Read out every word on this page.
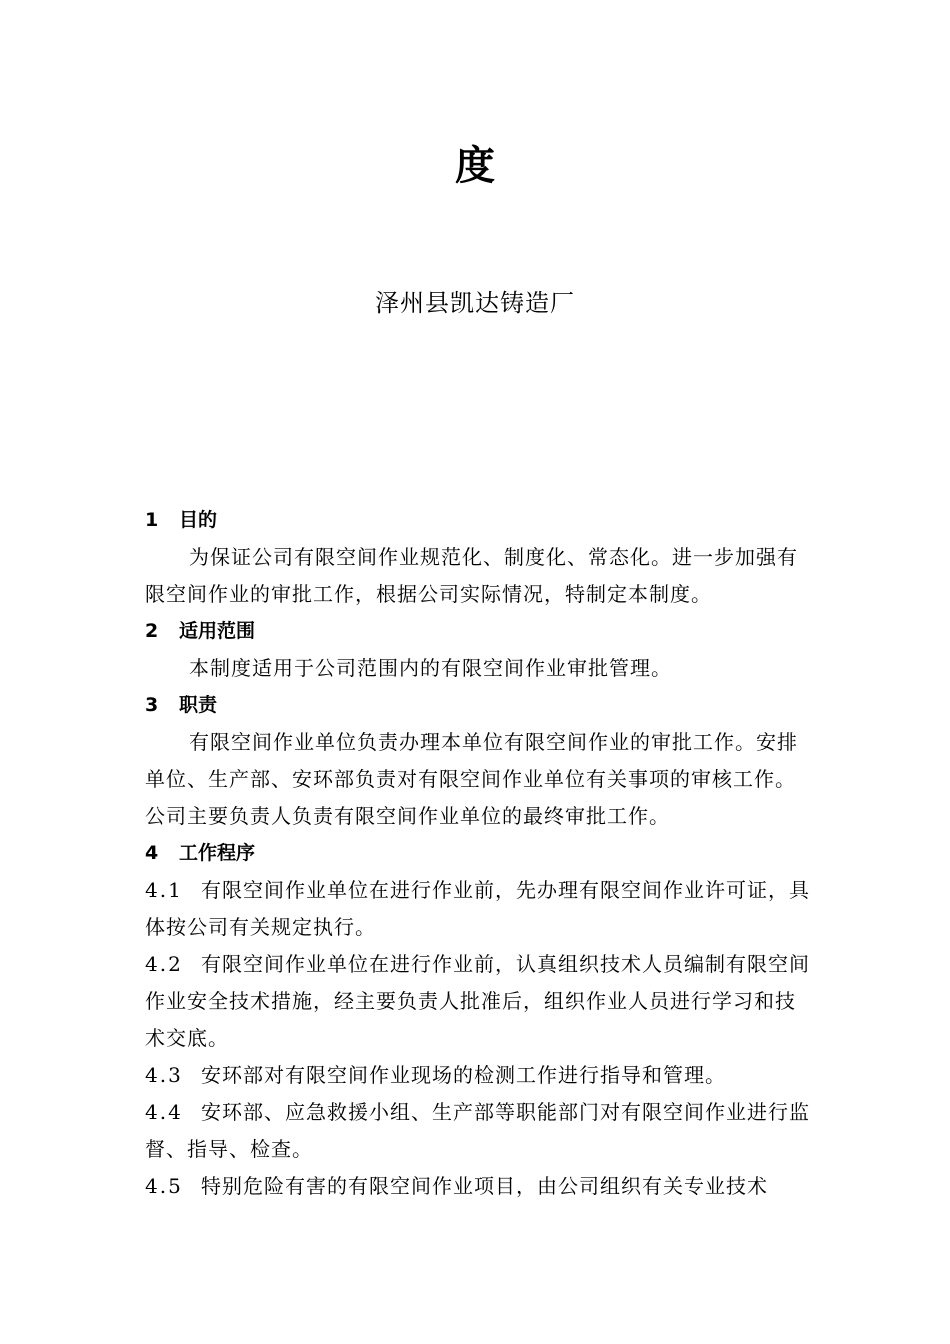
度
泽州县凯达铸造厂
1 目的
为保证公司有限空间作业规范化、制度化、常态化。进一步加强有限空间作业的审批工作，根据公司实际情况，特制定本制度。
2 适用范围
本制度适用于公司范围内的有限空间作业审批管理。
3 职责
有限空间作业单位负责办理本单位有限空间作业的审批工作。安排单位、生产部、安环部负责对有限空间作业单位有关事项的审核工作。公司主要负责人负责有限空间作业单位的最终审批工作。
4 工作程序
4.1 有限空间作业单位在进行作业前，先办理有限空间作业许可证，具体按公司有关规定执行。
4.2 有限空间作业单位在进行作业前，认真组织技术人员编制有限空间作业安全技术措施，经主要负责人批准后，组织作业人员进行学习和技术交底。
4.3 安环部对有限空间作业现场的检测工作进行指导和管理。
4.4 安环部、应急救援小组、生产部等职能部门对有限空间作业进行监督、指导、检查。
4.5 特别危险有害的有限空间作业项目，由公司组织有关专业技术
